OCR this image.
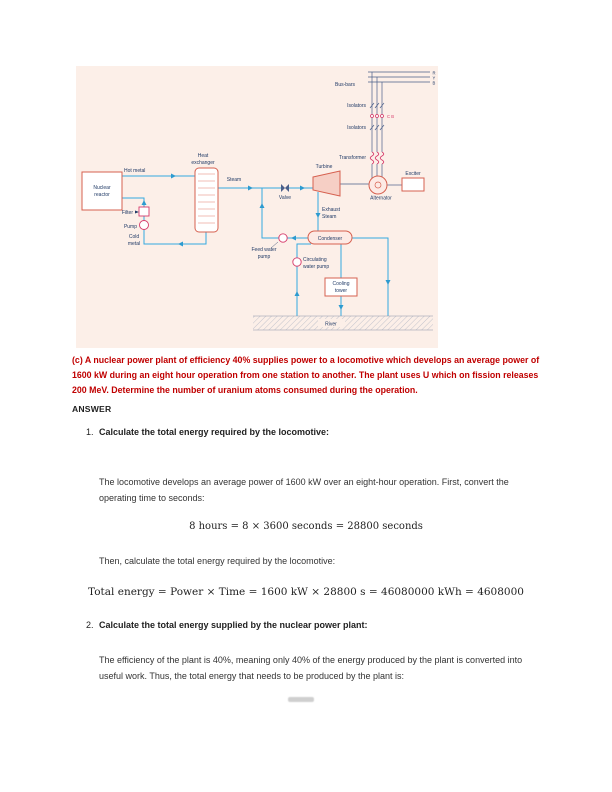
Bus-bars
R
Y
B
Isolators
C B
Isolators
Transformer
Turbine
Exciter
Alternator
Valve
Steam
Heat
exchanger
Hot metal
Nuclear
reactor
Filter
Pump
Cold
metal
Exhaust
Steam
Condenser
Feed water
pump	Circulating
water pump
Cooling
tower
River
(c) A nuclear power plant of efficiency 40% supplies power to a locomotive which develops an average power of 1600 kW during an eight hour operation from one station to another. The plant uses U which on fission releases 200 MeV. Determine the number of uranium atoms consumed during the operation.
ANSWER
1. Calculate the total energy required by the locomotive:
The locomotive develops an average power of 1600 kW over an eight-hour operation. First, convert the operating time to seconds:
8 hours = 8 × 3600 seconds = 28800 seconds
Then, calculate the total energy required by the locomotive:
Total energy = Power × Time = 1600 kW × 28800 s = 46080000 kWh = 4608000
2. Calculate the total energy supplied by the nuclear power plant:
The efficiency of the plant is 40%, meaning only 40% of the energy produced by the plant is converted into useful work. Thus, the total energy that needs to be produced by the plant is:
